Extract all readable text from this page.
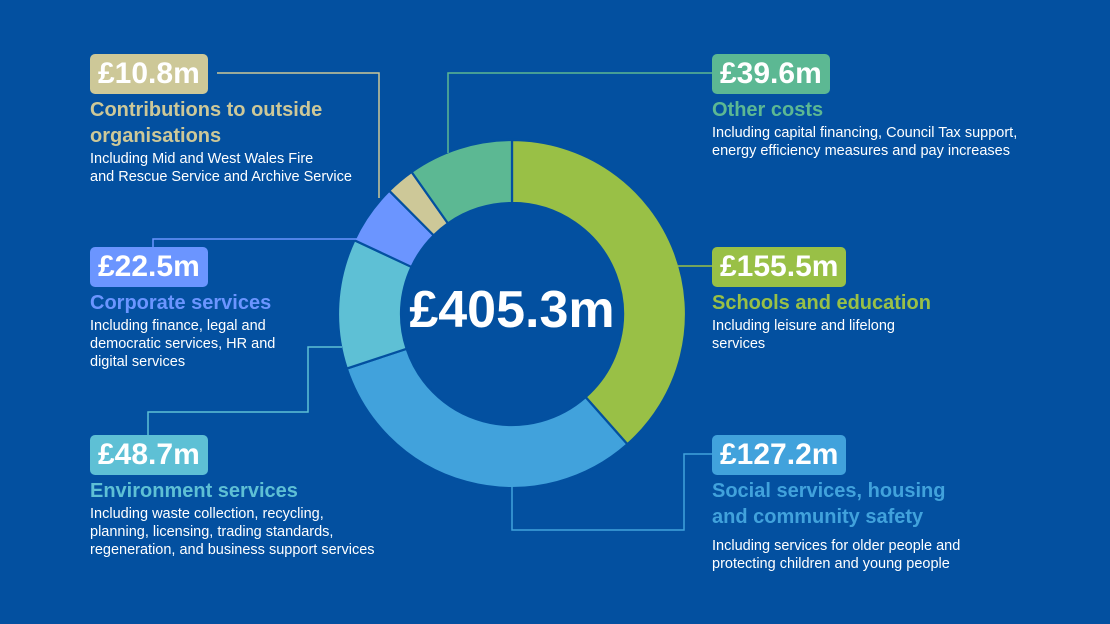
£405.3m
£155.5m
Schools and education
Including leisure and lifelong
services
£127.2m
Social services, housing
and community safety
Including services for older people and
protecting children and young people
£48.7m
Environment services
Including waste collection, recycling,
planning, licensing, trading standards,
regeneration, and business support services
£22.5m
Corporate services
Including finance, legal and
democratic services, HR and
digital services
£10.8m
Contributions to outside
organisations
Including Mid and West Wales Fire
and Rescue Service and Archive Service
£39.6m
Other costs
Including capital financing, Council Tax support,
energy efficiency measures and pay increases
